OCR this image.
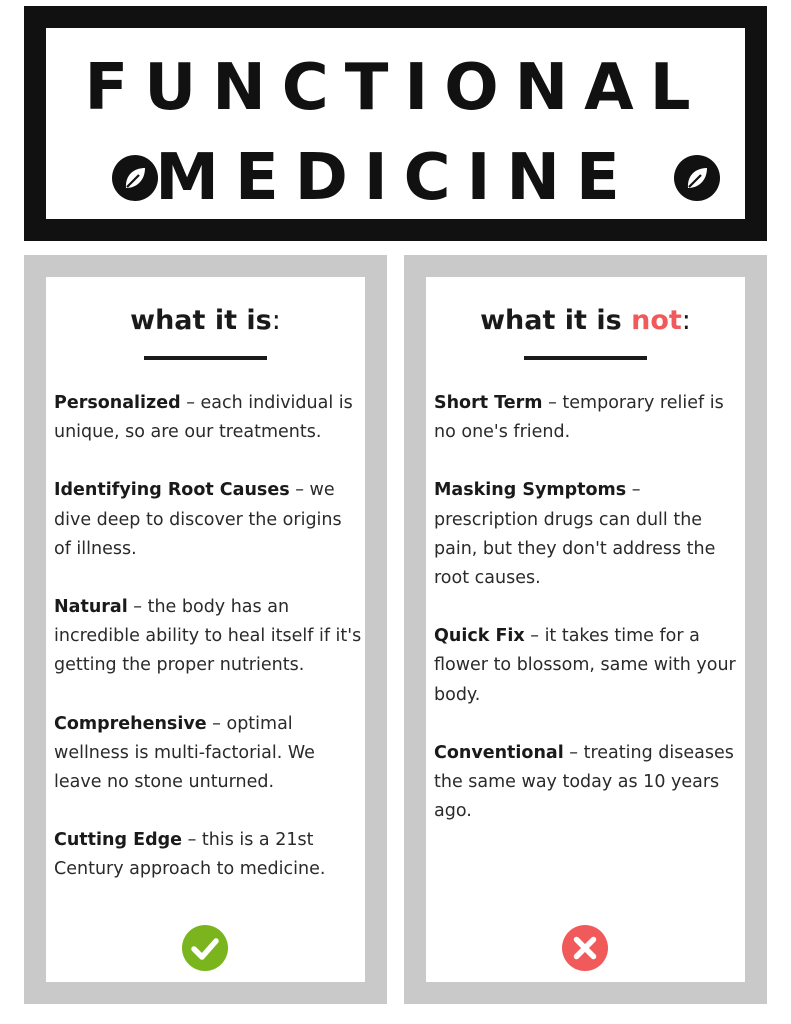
FUNCTIONAL
MEDICINE
what it is:
Personalized – each individual is unique, so are our treatments.
Identifying Root Causes – we dive deep to discover the origins of illness.
Natural – the body has an incredible ability to heal itself if it's getting the proper nutrients.
Comprehensive – optimal wellness is multi-factorial. We leave no stone unturned.
Cutting Edge – this is a 21st Century approach to medicine.
what it is not:
Short Term – temporary relief is no one's friend.
Masking Symptoms – prescription drugs can dull the pain, but they don't address the root causes.
Quick Fix – it takes time for a flower to blossom, same with your body.
Conventional – treating diseases the same way today as 10 years ago.
